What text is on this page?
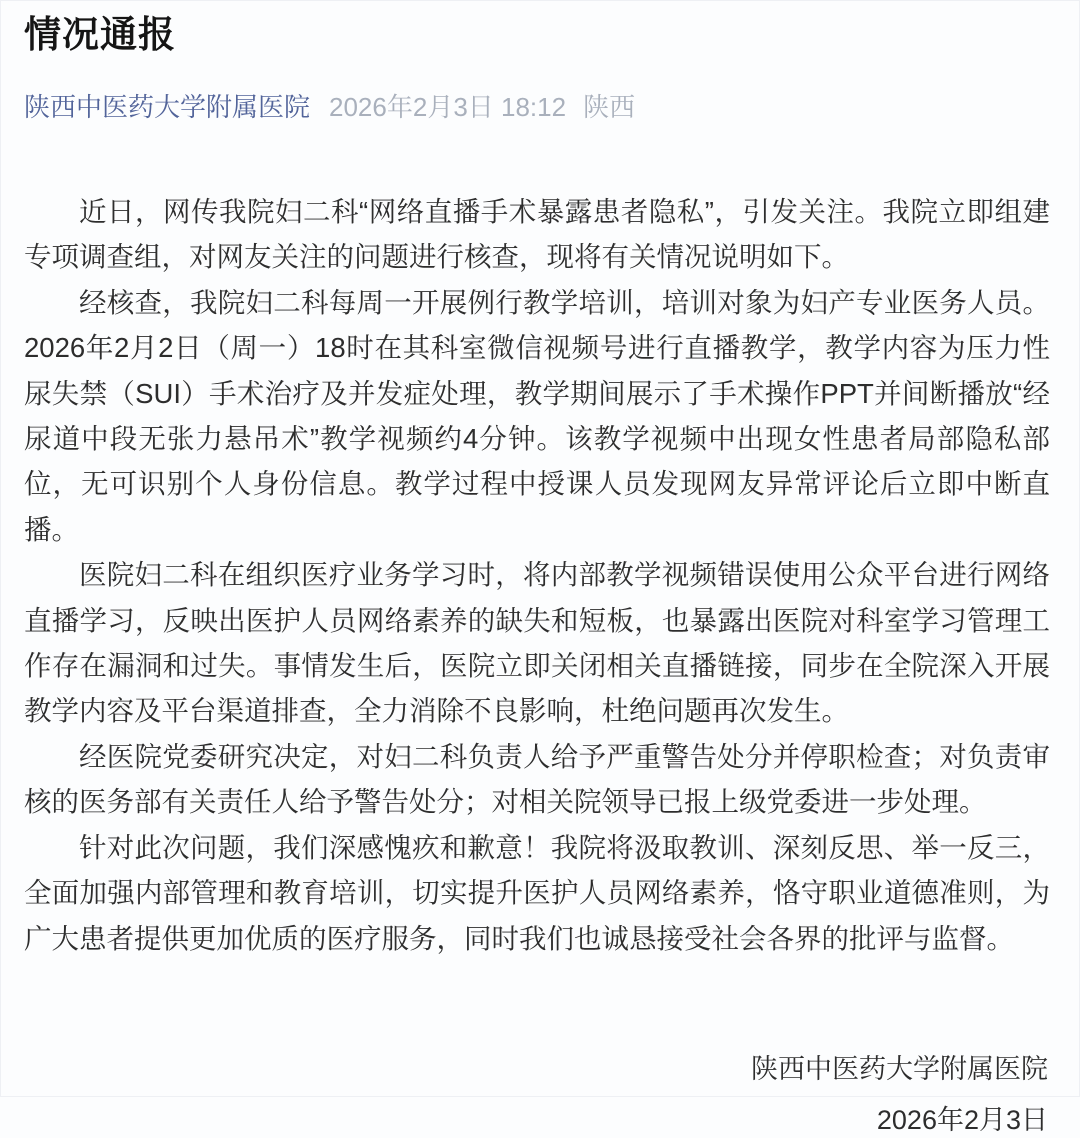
情况通报
陕西中医药大学附属医院 2026年2月3日 18:12 陕西

近日，网传我院妇二科“网络直播手术暴露患者隐私”，引发关注。我院立即组建专项调查组，对网友关注的问题进行核查，现将有关情况说明如下。

经核查，我院妇二科每周一开展例行教学培训，培训对象为妇产专业医务人员。2026年2月2日（周一）18时在其科室微信视频号进行直播教学，教学内容为压力性尿失禁（SUI）手术治疗及并发症处理，教学期间展示了手术操作PPT并间断播放“经尿道中段无张力悬吊术”教学视频约4分钟。该教学视频中出现女性患者局部隐私部位，无可识别个人身份信息。教学过程中授课人员发现网友异常评论后立即中断直播。

医院妇二科在组织医疗业务学习时，将内部教学视频错误使用公众平台进行网络直播学习，反映出医护人员网络素养的缺失和短板，也暴露出医院对科室学习管理工作存在漏洞和过失。事情发生后，医院立即关闭相关直播链接，同步在全院深入开展教学内容及平台渠道排查，全力消除不良影响，杜绝问题再次发生。

经医院党委研究决定，对妇二科负责人给予严重警告处分并停职检查；对负责审核的医务部有关责任人给予警告处分；对相关院领导已报上级党委进一步处理。

针对此次问题，我们深感愧疚和歉意！我院将汲取教训、深刻反思、举一反三，全面加强内部管理和教育培训，切实提升医护人员网络素养，恪守职业道德准则，为广大患者提供更加优质的医疗服务，同时我们也诚恳接受社会各界的批评与监督。

陕西中医药大学附属医院
2026年2月3日
